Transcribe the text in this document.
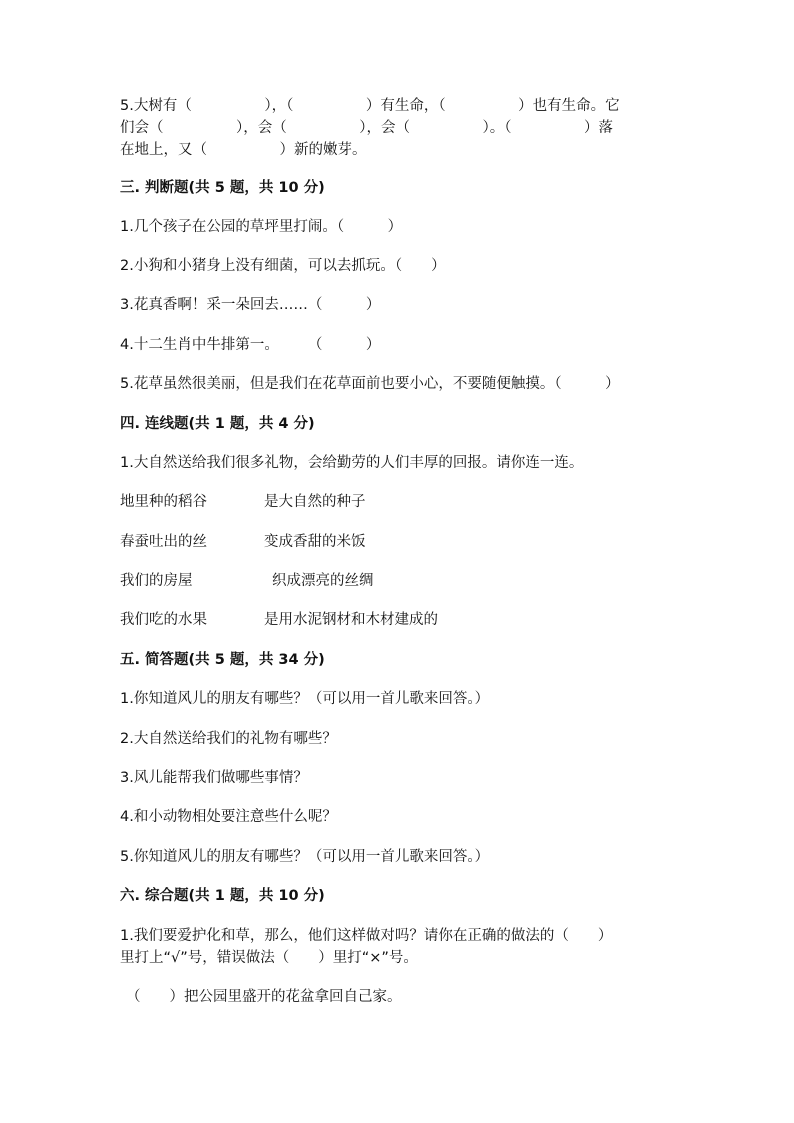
5.大树有（　　　　　），（　　　　　）有生命，（　　　　　）也有生命。它
们会（　　　　　），会（　　　　　），会（　　　　　）。（　　　　　）落
在地上，又（　　　　　）新的嫩芽。
三. 判断题(共 5 题，共 10 分)
1.几个孩子在公园的草坪里打闹。（　　　）
2.小狗和小猪身上没有细菌，可以去抓玩。（　　）
3.花真香啊！采一朵回去……（　　　）
4.十二生肖中牛排第一。　　　（　　　）
5.花草虽然很美丽，但是我们在花草面前也要小心，不要随便触摸。（　　　）
四. 连线题(共 1 题，共 4 分)
1.大自然送给我们很多礼物，会给勤劳的人们丰厚的回报。请你连一连。
地里种的稻谷	是大自然的种子
春蚕吐出的丝	变成香甜的米饭
我们的房屋	织成漂亮的丝绸
我们吃的水果	是用水泥钢材和木材建成的
五. 简答题(共 5 题，共 34 分)
1.你知道风儿的朋友有哪些？（可以用一首儿歌来回答。）
2.大自然送给我们的礼物有哪些？
3.风儿能帮我们做哪些事情？
4.和小动物相处要注意些什么呢？
5.你知道风儿的朋友有哪些？（可以用一首儿歌来回答。）
六. 综合题(共 1 题，共 10 分)
1.我们要爱护化和草，那么，他们这样做对吗？请你在正确的做法的（　　）
里打上“√”号，错误做法（　　）里打“×”号。
（　　）把公园里盛开的花盆拿回自己家。
